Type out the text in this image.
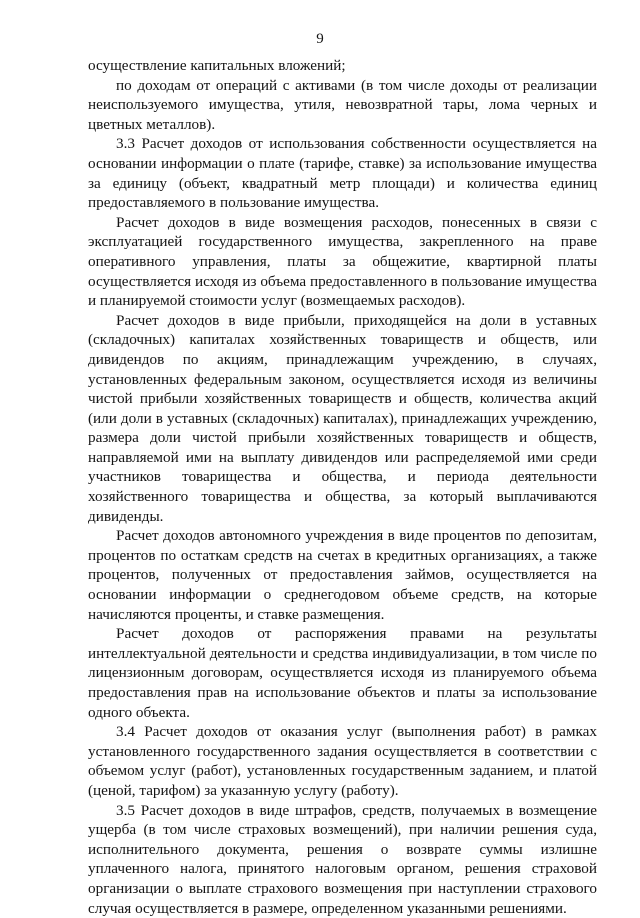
9

осуществление капитальных вложений;

по доходам от операций с активами (в том числе доходы от реализации неиспользуемого имущества, утиля, невозвратной тары, лома черных и цветных металлов).

3.3 Расчет доходов от использования собственности осуществляется на основании информации о плате (тарифе, ставке) за использование имущества за единицу (объект, квадратный метр площади) и количества единиц предоставляемого в пользование имущества.

Расчет доходов в виде возмещения расходов, понесенных в связи с эксплуатацией государственного имущества, закрепленного на праве оперативного управления, платы за общежитие, квартирной платы осуществляется исходя из объема предоставленного в пользование имущества и планируемой стоимости услуг (возмещаемых расходов).

Расчет доходов в виде прибыли, приходящейся на доли в уставных (складочных) капиталах хозяйственных товариществ и обществ, или дивидендов по акциям, принадлежащим учреждению, в случаях, установленных федеральным законом, осуществляется исходя из величины чистой прибыли хозяйственных товариществ и обществ, количества акций (или доли в уставных (складочных) капиталах), принадлежащих учреждению, размера доли чистой прибыли хозяйственных товариществ и обществ, направляемой ими на выплату дивидендов или распределяемой ими среди участников товарищества и общества, и периода деятельности хозяйственного товарищества и общества, за который выплачиваются дивиденды.

Расчет доходов автономного учреждения в виде процентов по депозитам, процентов по остаткам средств на счетах в кредитных организациях, а также процентов, полученных от предоставления займов, осуществляется на основании информации о среднегодовом объеме средств, на которые начисляются проценты, и ставке размещения.

Расчет доходов от распоряжения правами на результаты интеллектуальной деятельности и средства индивидуализации, в том числе по лицензионным договорам, осуществляется исходя из планируемого объема предоставления прав на использование объектов и платы за использование одного объекта.

3.4 Расчет доходов от оказания услуг (выполнения работ) в рамках установленного государственного задания осуществляется в соответствии с объемом услуг (работ), установленных государственным заданием, и платой (ценой, тарифом) за указанную услугу (работу).

3.5 Расчет доходов в виде штрафов, средств, получаемых в возмещение ущерба (в том числе страховых возмещений), при наличии решения суда, исполнительного документа, решения о возврате суммы излишне уплаченного налога, принятого налоговым органом, решения страховой организации о выплате страхового возмещения при наступлении страхового случая осуществляется в размере, определенном указанными решениями.
